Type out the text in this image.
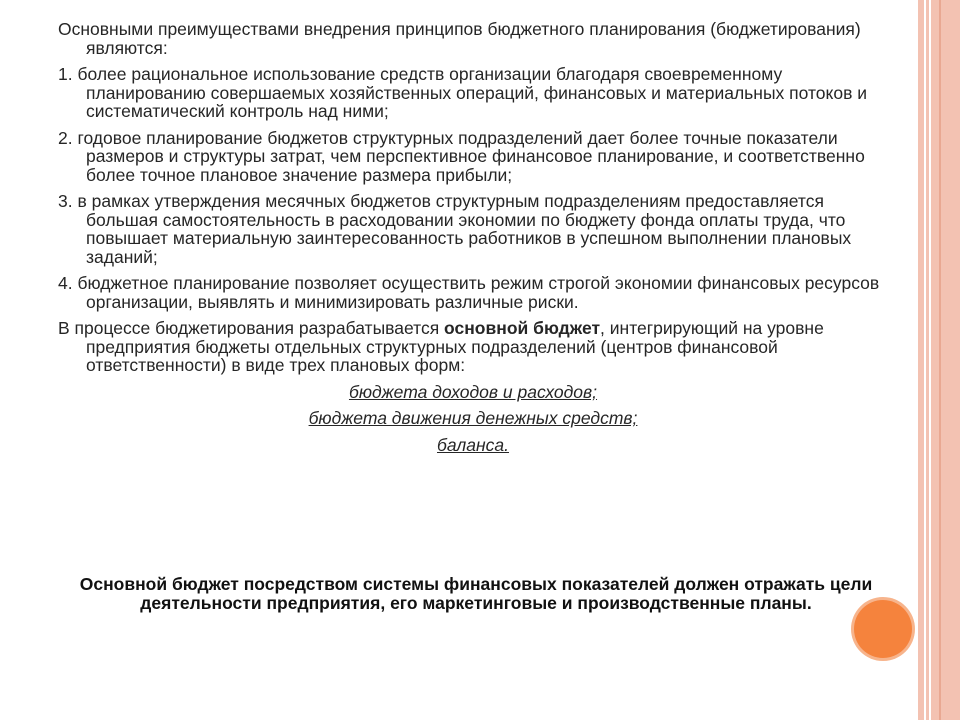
Основными преимуществами внедрения принципов бюджетного планирования (бюджетирования) являются:

1. более рациональное использование средств организации благодаря своевременному планированию совершаемых хозяйственных операций, финансовых и материальных потоков и систематический контроль над ними;

2. годовое планирование бюджетов структурных подразделений дает более точные показатели размеров и структуры затрат, чем перспективное финансовое планирование, и соответственно более точное плановое значение размера прибыли;

3. в рамках утверждения месячных бюджетов структурным подразделениям предоставляется большая самостоятельность в расходовании экономии по бюджету фонда оплаты труда, что повышает материальную заинтересованность работников в успешном выполнении плановых заданий;

4. бюджетное планирование позволяет осуществить режим строгой экономии финансовых ресурсов организации, выявлять и минимизировать различные риски.

В процессе бюджетирования разрабатывается основной бюджет, интегрирующий на уровне предприятия бюджеты отдельных структурных подразделений (центров финансовой ответственности) в виде трех плановых форм:

бюджета доходов и расходов;
бюджета движения денежных средств;
баланса.
Основной бюджет посредством системы финансовых показателей должен отражать цели деятельности предприятия, его маркетинговые и производственные планы.
